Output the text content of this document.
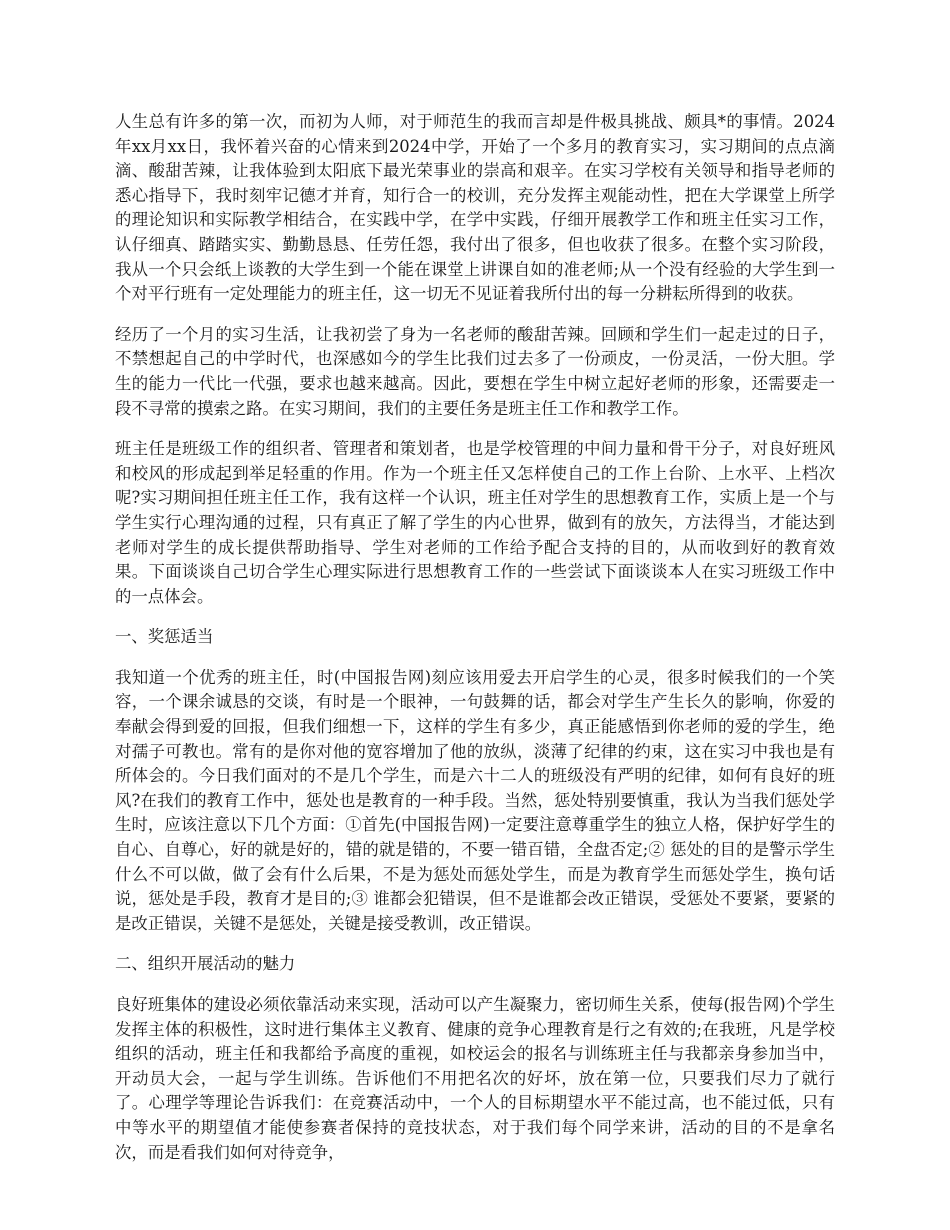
人生总有许多的第一次，而初为人师，对于师范生的我而言却是件极具挑战、颇具*的事情。2024年xx月xx日，我怀着兴奋的心情来到2024中学，开始了一个多月的教育实习，实习期间的点点滴滴、酸甜苦辣，让我体验到太阳底下最光荣事业的崇高和艰辛。在实习学校有关领导和指导老师的悉心指导下，我时刻牢记德才并育，知行合一的校训，充分发挥主观能动性，把在大学课堂上所学的理论知识和实际教学相结合，在实践中学，在学中实践，仔细开展教学工作和班主任实习工作，认仔细真、踏踏实实、勤勤恳恳、任劳任怨，我付出了很多，但也收获了很多。在整个实习阶段，我从一个只会纸上谈教的大学生到一个能在课堂上讲课自如的准老师;从一个没有经验的大学生到一个对平行班有一定处理能力的班主任，这一切无不见证着我所付出的每一分耕耘所得到的收获。

经历了一个月的实习生活，让我初尝了身为一名老师的酸甜苦辣。回顾和学生们一起走过的日子，不禁想起自己的中学时代，也深感如今的学生比我们过去多了一份顽皮，一份灵活，一份大胆。学生的能力一代比一代强，要求也越来越高。因此，要想在学生中树立起好老师的形象，还需要走一段不寻常的摸索之路。在实习期间，我们的主要任务是班主任工作和教学工作。

班主任是班级工作的组织者、管理者和策划者，也是学校管理的中间力量和骨干分子，对良好班风和校风的形成起到举足轻重的作用。作为一个班主任又怎样使自己的工作上台阶、上水平、上档次呢?实习期间担任班主任工作，我有这样一个认识，班主任对学生的思想教育工作，实质上是一个与学生实行心理沟通的过程，只有真正了解了学生的内心世界，做到有的放矢，方法得当，才能达到老师对学生的成长提供帮助指导、学生对老师的工作给予配合支持的目的，从而收到好的教育效果。下面谈谈自己切合学生心理实际进行思想教育工作的一些尝试下面谈谈本人在实习班级工作中的一点体会。

一、奖惩适当

我知道一个优秀的班主任，时(中国报告网)刻应该用爱去开启学生的心灵，很多时候我们的一个笑容，一个课余诚恳的交谈，有时是一个眼神，一句鼓舞的话，都会对学生产生长久的影响，你爱的奉献会得到爱的回报，但我们细想一下，这样的学生有多少，真正能感悟到你老师的爱的学生，绝对孺子可教也。常有的是你对他的宽容增加了他的放纵，淡薄了纪律的约束，这在实习中我也是有所体会的。今日我们面对的不是几个学生，而是六十二人的班级没有严明的纪律，如何有良好的班风?在我们的教育工作中，惩处也是教育的一种手段。当然，惩处特别要慎重，我认为当我们惩处学生时，应该注意以下几个方面：①首先(中国报告网)一定要注意尊重学生的独立人格，保护好学生的自心、自尊心，好的就是好的，错的就是错的，不要一错百错，全盘否定;② 惩处的目的是警示学生什么不可以做，做了会有什么后果，不是为惩处而惩处学生，而是为教育学生而惩处学生，换句话说，惩处是手段，教育才是目的;③ 谁都会犯错误，但不是谁都会改正错误，受惩处不要紧，要紧的是改正错误，关键不是惩处，关键是接受教训，改正错误。

二、组织开展活动的魅力

良好班集体的建设必须依靠活动来实现，活动可以产生凝聚力，密切师生关系，使每(报告网)个学生发挥主体的积极性，这时进行集体主义教育、健康的竞争心理教育是行之有效的;在我班，凡是学校组织的活动，班主任和我都给予高度的重视，如校运会的报名与训练班主任与我都亲身参加当中，开动员大会，一起与学生训练。告诉他们不用把名次的好坏，放在第一位，只要我们尽力了就行了。心理学等理论告诉我们：在竞赛活动中，一个人的目标期望水平不能过高，也不能过低，只有中等水平的期望值才能使参赛者保持的竞技状态，对于我们每个同学来讲，活动的目的不是拿名次，而是看我们如何对待竞争，
